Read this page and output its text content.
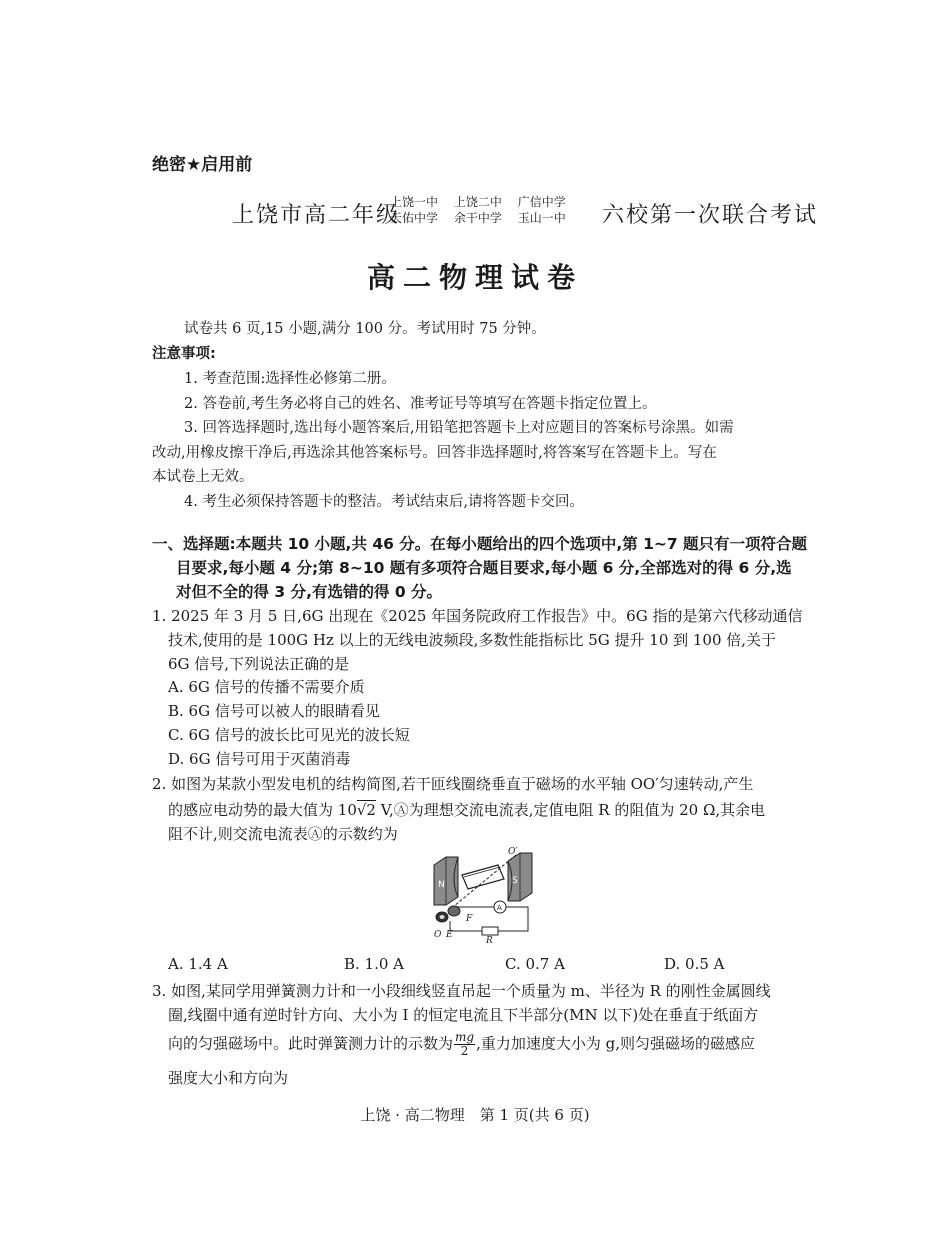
绝密★启用前
上饶市高二年级
上饶一中
天佑中学 上饶二中
余干中学 广信中学
玉山一中	六校第一次联合考试
高二物理试卷
试卷共 6 页,15 小题,满分 100 分。考试用时 75 分钟。
注意事项:
1. 考查范围:选择性必修第二册。
2. 答卷前,考生务必将自己的姓名、准考证号等填写在答题卡指定位置上。
3. 回答选择题时,选出每小题答案后,用铅笔把答题卡上对应题目的答案标号涂黑。如需
改动,用橡皮擦干净后,再选涂其他答案标号。回答非选择题时,将答案写在答题卡上。写在
本试卷上无效。
4. 考生必须保持答题卡的整洁。考试结束后,请将答题卡交回。
一、选择题:本题共 10 小题,共 46 分。在每小题给出的四个选项中,第 1~7 题只有一项符合题
目要求,每小题 4 分;第 8~10 题有多项符合题目要求,每小题 6 分,全部选对的得 6 分,选
对但不全的得 3 分,有选错的得 0 分。
1. 2025 年 3 月 5 日,6G 出现在《2025 年国务院政府工作报告》中。6G 指的是第六代移动通信
技术,使用的是 100G Hz 以上的无线电波频段,多数性能指标比 5G 提升 10 到 100 倍,关于
6G 信号,下列说法正确的是
A. 6G 信号的传播不需要介质
B. 6G 信号可以被人的眼睛看见
C. 6G 信号的波长比可见光的波长短
D. 6G 信号可用于灭菌消毒
2. 如图为某款小型发电机的结构简图,若干匝线圈绕垂直于磁场的水平轴 OO′匀速转动,产生
的感应电动势的最大值为 10√2 V,Ⓐ为理想交流电流表,定值电阻 R 的阻值为 20 Ω,其余电
阻不计,则交流电流表Ⓐ的示数约为
N	S
O′
O E
F
A
R
A. 1.4 A	B. 1.0 A	C. 0.7 A	D. 0.5 A
3. 如图,某同学用弹簧测力计和一小段细线竖直吊起一个质量为 m、半径为 R 的刚性金属圆线
圈,线圈中通有逆时针方向、大小为 I 的恒定电流且下半部分(MN 以下)处在垂直于纸面方
向的匀强磁场中。此时弹簧测力计的示数为 $\frac{mg}{2}$ ,重力加速度大小为 g,则匀强磁场的磁感应
强度大小和方向为
上饶 · 高二物理　第 1 页(共 6 页)
